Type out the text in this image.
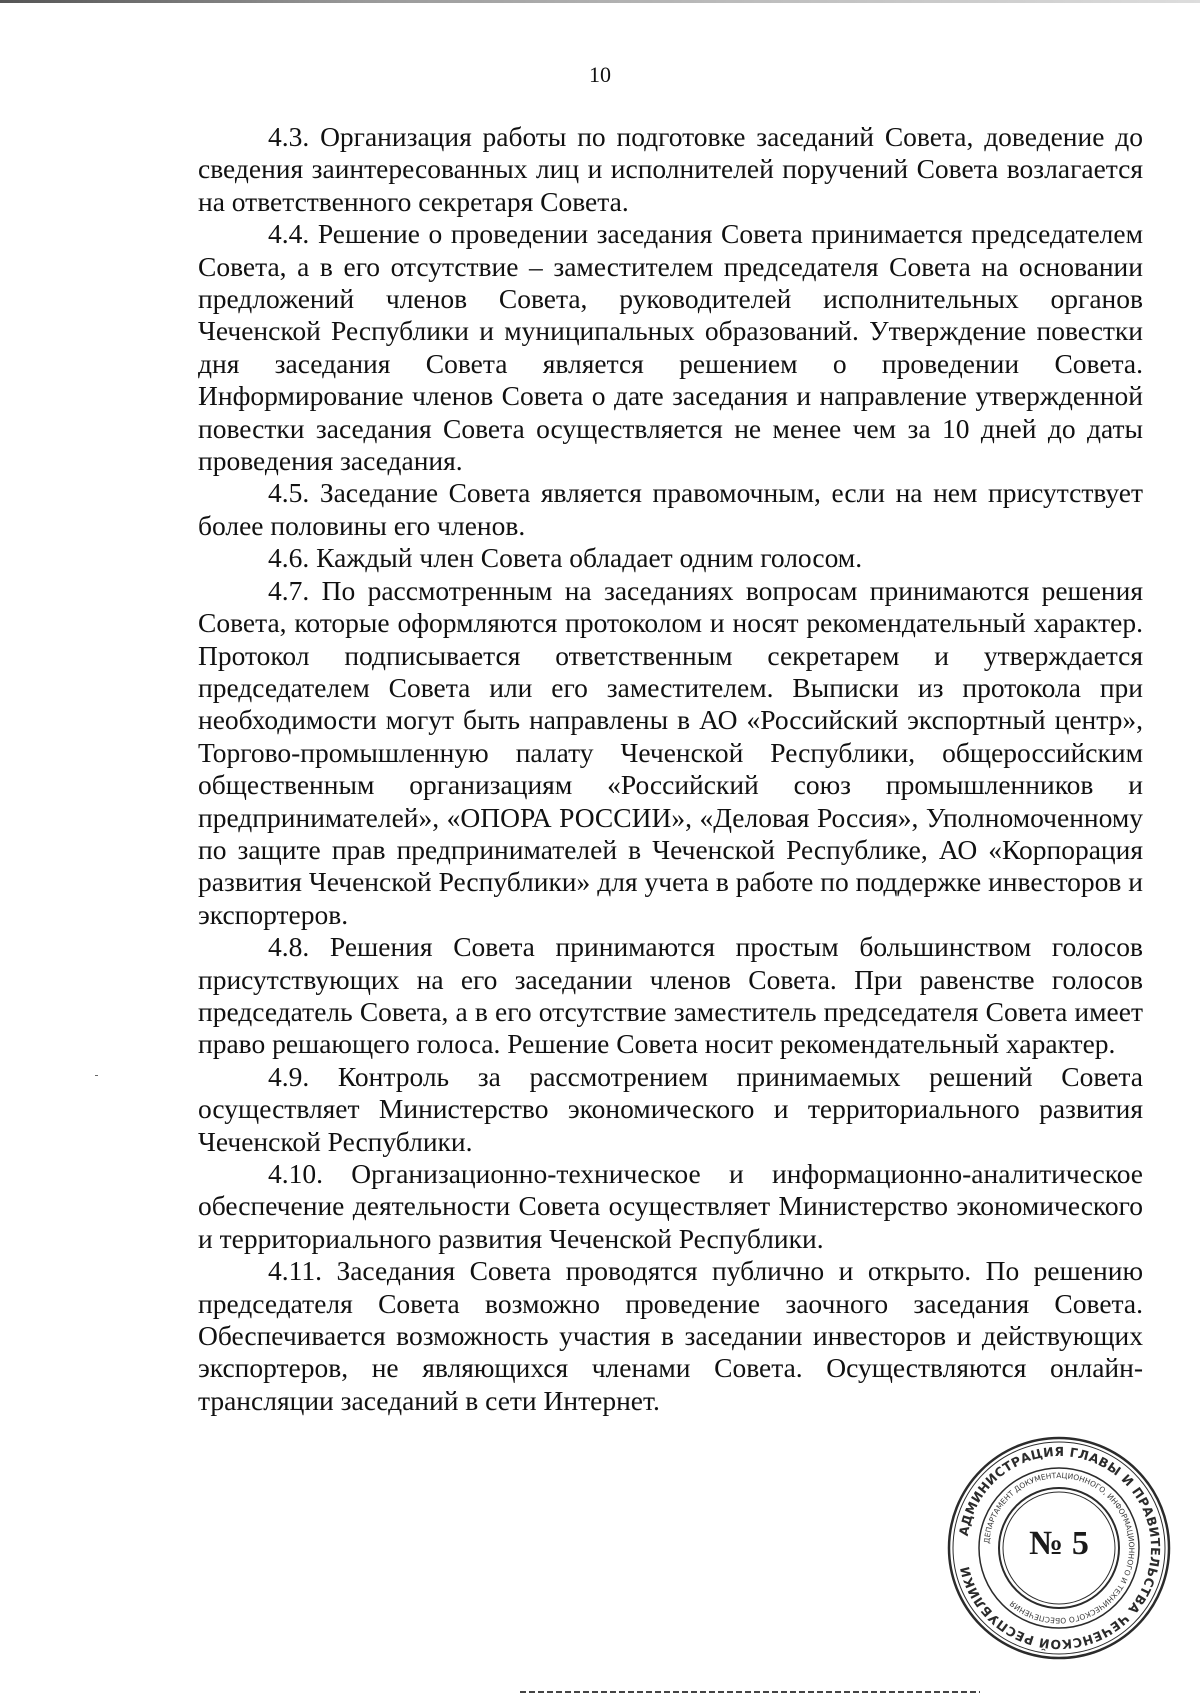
10

4.3. Организация работы по подготовке заседаний Совета, доведение до сведения заинтересованных лиц и исполнителей поручений Совета возлагается на ответственного секретаря Совета.

4.4. Решение о проведении заседания Совета принимается председателем Совета, а в его отсутствие – заместителем председателя Совета на основании предложений членов Совета, руководителей исполнительных органов Чеченской Республики и муниципальных образований. Утверждение повестки дня заседания Совета является решением о проведении Совета. Информирование членов Совета о дате заседания и направление утвержденной повестки заседания Совета осуществляется не менее чем за 10 дней до даты проведения заседания.

4.5. Заседание Совета является правомочным, если на нем присутствует более половины его членов.

4.6. Каждый член Совета обладает одним голосом.

4.7. По рассмотренным на заседаниях вопросам принимаются решения Совета, которые оформляются протоколом и носят рекомендательный характер. Протокол подписывается ответственным секретарем и утверждается председателем Совета или его заместителем. Выписки из протокола при необходимости могут быть направлены в АО «Российский экспортный центр», Торгово-промышленную палату Чеченской Республики, общероссийским общественным организациям «Российский союз промышленников и предпринимателей», «ОПОРА РОССИИ», «Деловая Россия», Уполномоченному по защите прав предпринимателей в Чеченской Республике, АО «Корпорация развития Чеченской Республики» для учета в работе по поддержке инвесторов и экспортеров.

4.8. Решения Совета принимаются простым большинством голосов присутствующих на его заседании членов Совета. При равенстве голосов председатель Совета, а в его отсутствие заместитель председателя Совета имеет право решающего голоса. Решение Совета носит рекомендательный характер.

4.9. Контроль за рассмотрением принимаемых решений Совета осуществляет Министерство экономического и территориального развития Чеченской Республики.

4.10. Организационно-техническое и информационно-аналитическое обеспечение деятельности Совета осуществляет Министерство экономического и территориального развития Чеченской Республики.

4.11. Заседания Совета проводятся публично и открыто. По решению председателя Совета возможно проведение заочного заседания Совета. Обеспечивается возможность участия в заседании инвесторов и действующих экспортеров, не являющихся членами Совета. Осуществляются онлайн-трансляции заседаний в сети Интернет.

АДМИНИСТРАЦИЯ ГЛАВЫ И ПРАВИТЕЛЬСТВА ЧЕЧЕНСКОЙ РЕСПУБЛИКИ
ДЕПАРТАМЕНТ ДОКУМЕНТАЦИОННОГО, ИНФОРМАЦИОННОГО И ТЕХНИЧЕСКОГО ОБЕСПЕЧЕНИЯ
№ 5
